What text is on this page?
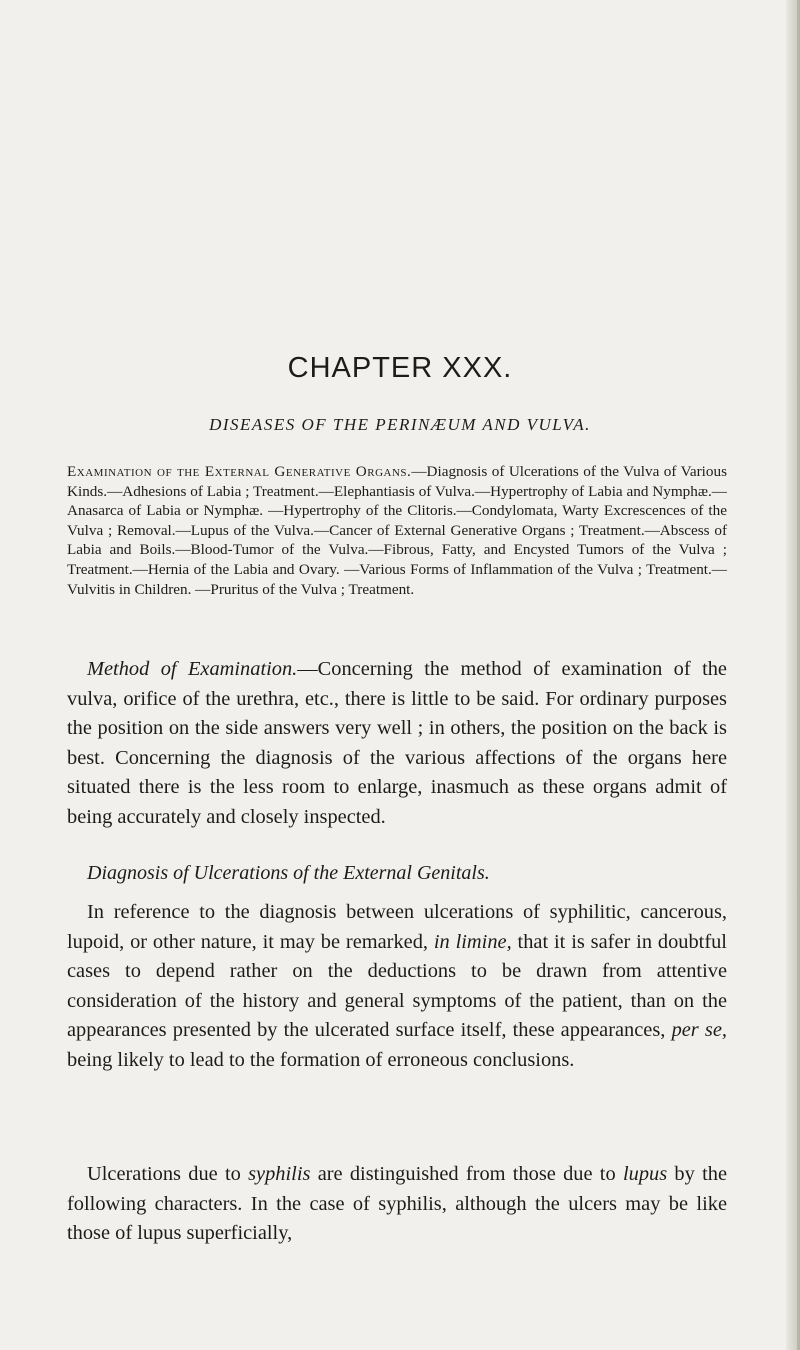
CHAPTER XXX.
DISEASES OF THE PERINÆUM AND VULVA.

Examination of the External Generative Organs.—Diagnosis of Ulcerations of the Vulva of Various Kinds.—Adhesions of Labia ; Treatment.—Elephantiasis of Vulva.—Hypertrophy of Labia and Nymphæ.—Anasarca of Labia or Nymphæ. —Hypertrophy of the Clitoris.—Condylomata, Warty Excrescences of the Vulva ; Removal.—Lupus of the Vulva.—Cancer of External Generative Organs ; Treatment.—Abscess of Labia and Boils.—Blood-Tumor of the Vulva.—Fibrous, Fatty, and Encysted Tumors of the Vulva ; Treatment.—Hernia of the Labia and Ovary. —Various Forms of Inflammation of the Vulva ; Treatment.—Vulvitis in Children. —Pruritus of the Vulva ; Treatment.

Method of Examination.—Concerning the method of examination of the vulva, orifice of the urethra, etc., there is little to be said. For ordinary purposes the position on the side answers very well ; in others, the position on the back is best. Concerning the diagnosis of the various affections of the organs here situated there is the less room to enlarge, inasmuch as these organs admit of being accurately and closely inspected.

Diagnosis of Ulcerations of the External Genitals.

In reference to the diagnosis between ulcerations of syphilitic, cancerous, lupoid, or other nature, it may be remarked, in limine, that it is safer in doubtful cases to depend rather on the deductions to be drawn from attentive consideration of the history and general symptoms of the patient, than on the appearances presented by the ulcerated surface itself, these appearances, per se, being likely to lead to the formation of erroneous conclusions.

Ulcerations due to syphilis are distinguished from those due to lupus by the following characters. In the case of syphilis, although the ulcers may be like those of lupus superficially,
